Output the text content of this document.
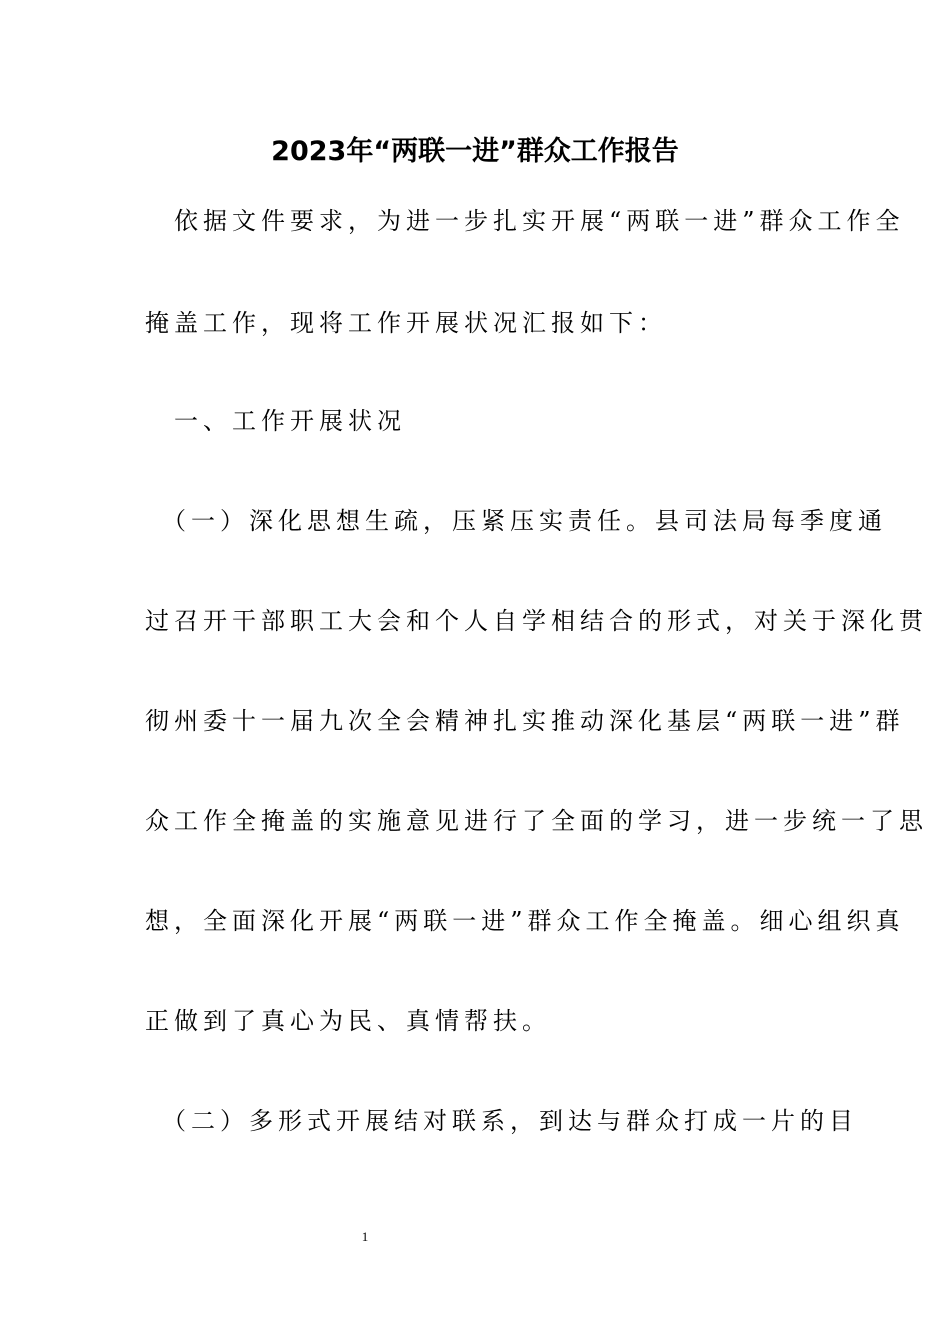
2023年“两联一进”群众工作报告
　依据文件要求，为进一步扎实开展“两联一进”群众工作全
掩盖工作，现将工作开展状况汇报如下：
　一、工作开展状况
　（一）深化思想生疏，压紧压实责任。县司法局每季度通
过召开干部职工大会和个人自学相结合的形式，对关于深化贯
彻州委十一届九次全会精神扎实推动深化基层“两联一进”群
众工作全掩盖的实施意见进行了全面的学习，进一步统一了思
想，全面深化开展“两联一进”群众工作全掩盖。细心组织真
正做到了真心为民、真情帮扶。
　（二）多形式开展结对联系，到达与群众打成一片的目
1
